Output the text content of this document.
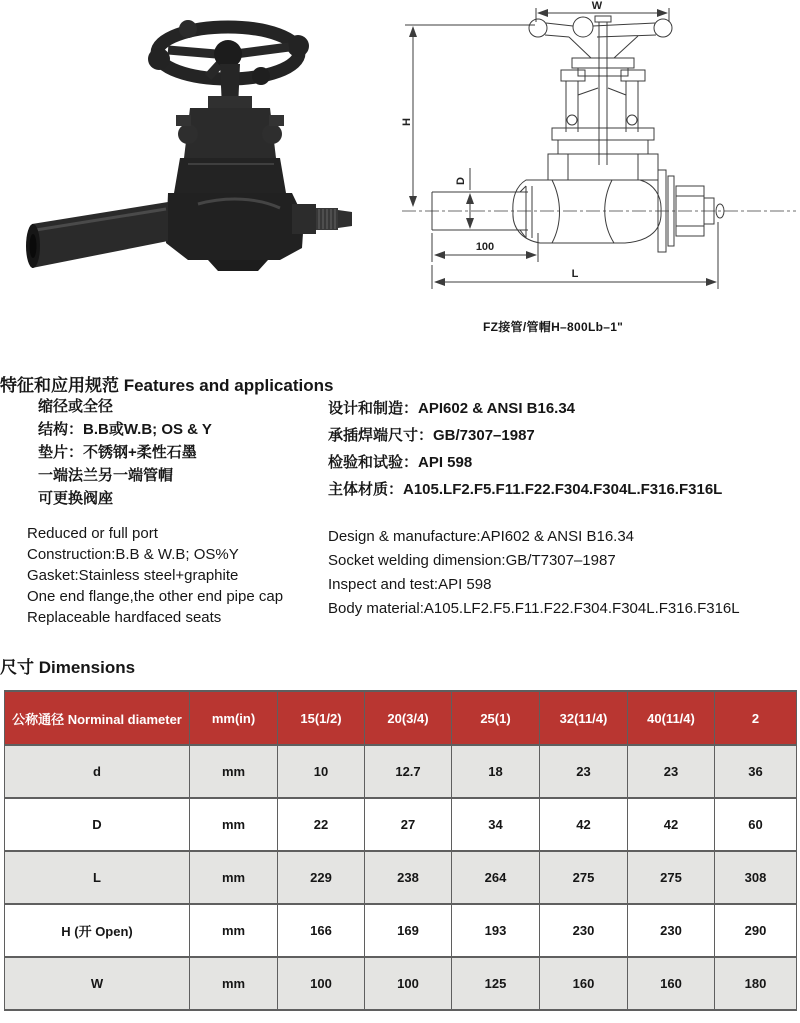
W
H
D
100
L
FZ接管/管帽H–800Lb–1"
特征和应用规范 Features and applications
缩径或全径
结构：B.B或W.B; OS & Y
垫片：不锈钢+柔性石墨
一端法兰另一端管帽
可更换阀座
设计和制造：API602 & ANSI B16.34
承插焊端尺寸：GB/7307–1987
检验和试验：API 598
主体材质：A105.LF2.F5.F11.F22.F304.F304L.F316.F316L
Reduced or full port
Construction:B.B & W.B; OS%Y
Gasket:Stainless steel+graphite
One end flange,the other end pipe cap
Replaceable hardfaced seats
Design & manufacture:API602 & ANSI B16.34
Socket welding dimension:GB/T7307–1987
Inspect and test:API 598
Body material:A105.LF2.F5.F11.F22.F304.F304L.F316.F316L
尺寸 Dimensions
公称通径 Norminal diameter	mm(in)	15(1/2)	20(3/4)	25(1)	32(11/4)	40(11/4)	2
d	mm	10	12.7	18	23	23	36
D	mm	22	27	34	42	42	60
L	mm	229	238	264	275	275	308
H (开 Open)	mm	166	169	193	230	230	290
W	mm	100	100	125	160	160	180
